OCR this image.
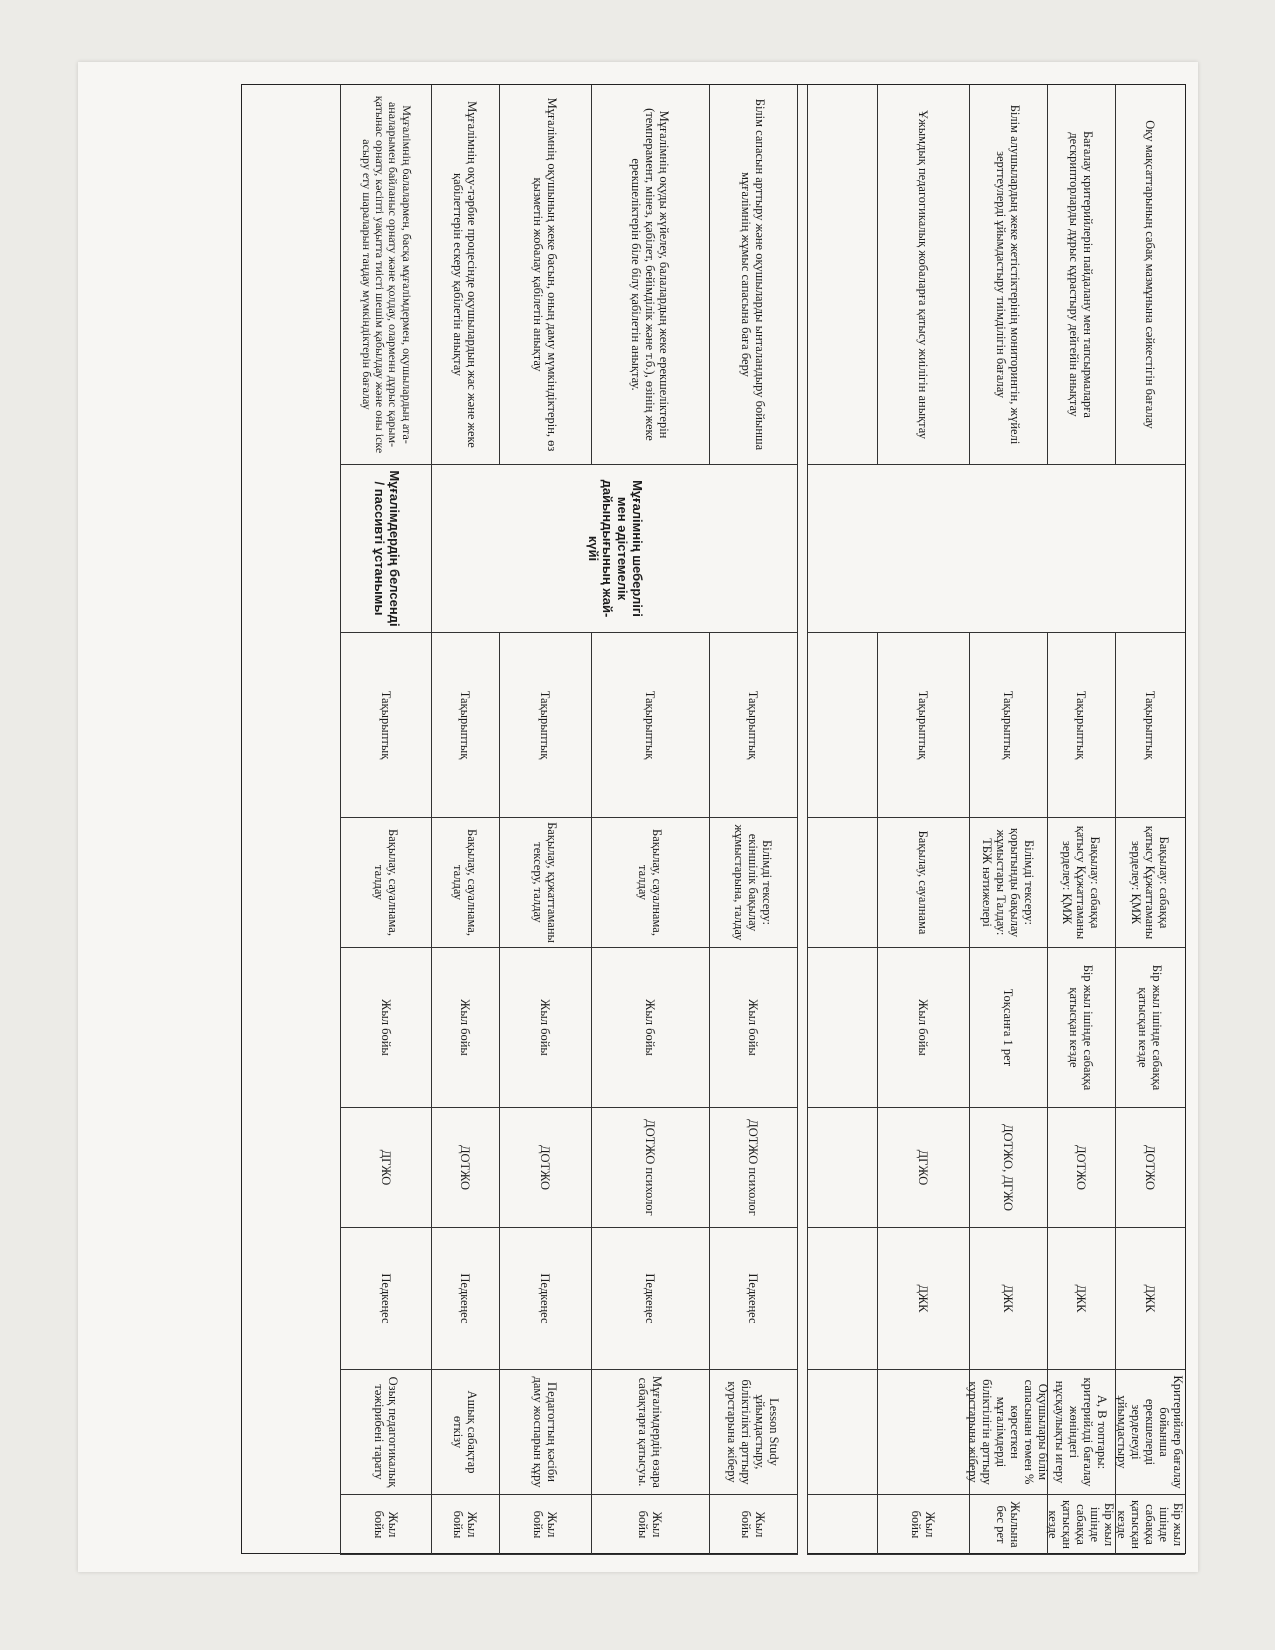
Оқу мақсаттарының сабақ мазмұнына сәйкестігін бағалау
Тақырыптық
Бақылау: сабаққа қатысу Құжаттаманы зерделеу: ҚМЖ
Бір жыл ішінде сабаққа қатысқан кезде
ДОТЖО
ДЖК
Критерийлер бағалау бойынша ерекшелерді зерделеуді ұйымдастыру
Бір жыл ішінде сабаққа қатысқан кезде
Бағалау критерийлерін пайдалану мен тапсырмаларға дескрипторларды дұрыс құрастыру дейгейін анықтау
Тақырыптық
Бақылау: сабаққа қатысу Құжаттаманы зерделеу: ҚМЖ
Бір жыл ішінде сабаққа қатысқан кезде
ДОТЖО
ДЖК
А, В топтары: критерийлді бағалау жөніндегі нұсқаулықты игеру
Бір жыл ішінде сабаққа қатысқан кезде
Білім алушылардың жеке жетістіктерінің мониторингін, жүйелі зерттеулерді ұйымдастыру тиімділігін бағалау
Тақырыптық
Білімді тексеру: қорытынды бақылау жұмыстары Талдау: ТБЖ нәтижелері
Тоқсанға 1 рет
ДОТЖО, ДГЖО
ДЖК
Оқушылары білім сапасынан төмен % көрсеткен мұғалімдерді біліктілігін арттыру курстарына жіберу
Жылына бес рет
Ұжымдық педагогикалық жобаларға қатысу жиілігін анықтау
Тақырыптық
Бақылау, сауалнама
Жыл бойы
ДГЖО
ДЖК
Жыл бойы
Білім сапасын арттыру және оқушыларды ынталандыру бойынша мұғалімнің жұмыс сапасына баға беру
Мұғалімнің шеберлігі мен әдістемелік дайындығының жай-күйі
Тақырыптық
Білімді тексеру: екіншілік бақылау жұмыстарына, талдау
Жыл бойы
ДОТЖО психолог
Педкеңес
Lesson Study ұйымдастыру, біліктілікті арттыру курстарына жіберу
Жыл бойы
Мұғалімнің оқуды жүйелеу, балалардың жеке ерекшеліктерін (темперамент, мінез, қабілет, бейімділік және т.б.), өзінің жеке ерекшеліктерін біле білу қабілетін анықтау.
Тақырыптық
Бақылау, сауалнама, талдау
Жыл бойы
ДОТЖО психолог
Педкеңес
Мұғалімдердің өзара сабақтарға қатысуы.
Жыл бойы
Мұғалімнің оқушының жеке басын, оның даму мүмкіндіктерін, өз қызметін жобалау қабілетін анықтау
Тақырыптық
Бақылау, құжаттаманы тексеру, талдау
Жыл бойы
ДОТЖО
Педкеңес
Педагогтың кәсіби даму жоспарын құру
Жыл бойы
Мұғалімнің оқу-тәрбие процесінде оқушылардың жас және жеке қабілеттерін ескеру қабілетін анықтау
Тақырыптық
Бақылау, сауалнама, талдау
Жыл бойы
ДОТЖО
Педкеңес
Ашық сабақтар өткізу
Жыл бойы
Мұғалімнің балалармен, басқа мұғалімдермен, оқушылардың ата-аналарымен байланыс орнату және қолдау, оларменн дұрыс қарым-қатынас орнату, кәсіпті уақытта тиісті шешім қабылдау және оны іске асыру ету шараларын таңдау мүмкіндіктерін бағалау
Мұғалімдердің белсенді / пассивті ұстанымы
Тақырыптық
Бақылау, сауалнама, талдау
Жыл бойы
ДГЖО
Педкеңес
Озық педагогикалық тәжірибені тарату
Жыл бойы
